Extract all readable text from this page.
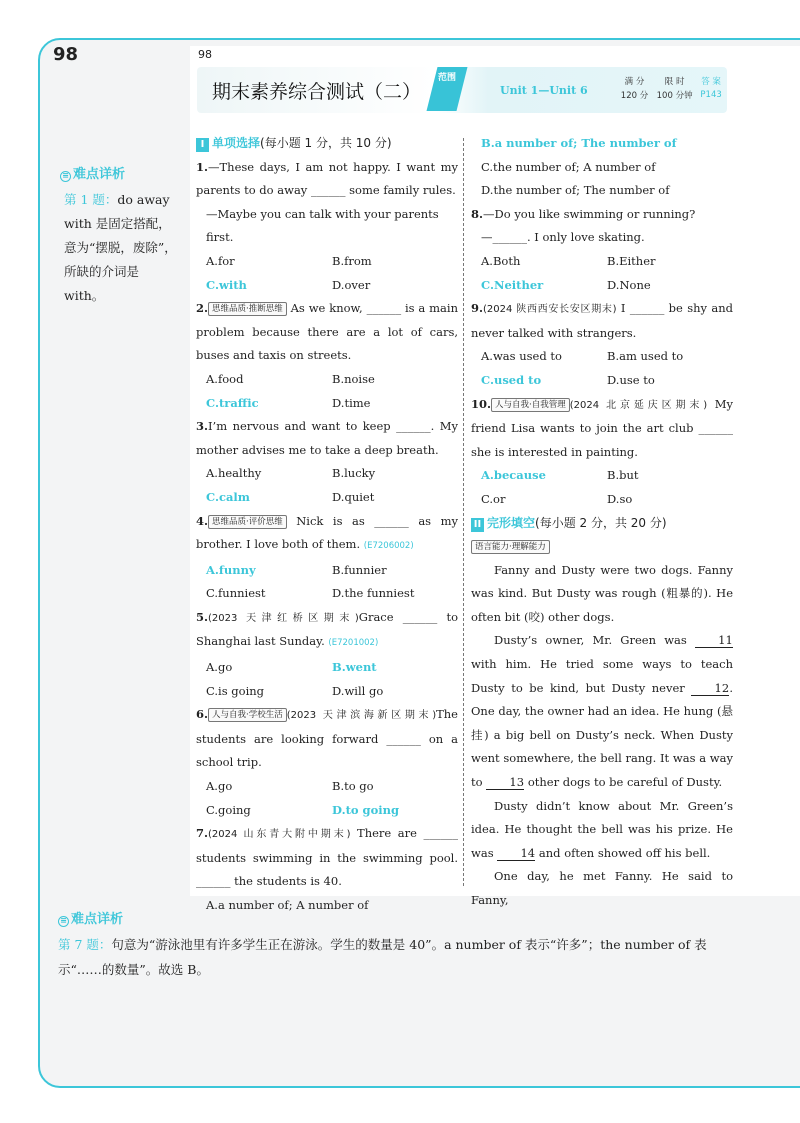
98	98
期末素养综合测试（二）
范围
Unit 1—Unit 6
满 分	限 时	答 案
120 分	100 分钟	P143
≡ 难点详析
第 1 题：do away with 是固定搭配，意为“摆脱，废除”，所缺的介词是 with。
I 单项选择(每小题 1 分，共 10 分)
1.—These days, I am not happy. I want my parents to do away ______ some family rules.
—Maybe you can talk with your parents first.
A.for	B.from
C.with	D.over
2. 思维品质·推断思维 As we know, ______ is a main problem because there are a lot of cars, buses and taxis on streets.
A.food	B.noise
C.traffic	D.time
3.I’m nervous and want to keep ______. My mother advises me to take a deep breath.
A.healthy	B.lucky
C.calm	D.quiet
4. 思维品质·评价思维 Nick is as ______ as my brother. I love both of them. (E7206002)
A.funny	B.funnier
C.funniest	D.the funniest
5.(2023 天津红桥区期末)Grace ______ to Shanghai last Sunday. (E7201002)
A.go	B.went
C.is going	D.will go
6. 人与自我·学校生活 (2023 天津滨海新区期末)The students are looking forward ______ on a school trip.
A.go	B.to go
C.going	D.to going
7.(2024 山东青大附中期末) There are ______ students swimming in the swimming pool. ______ the students is 40.
A.a number of; A number of
B.a number of; The number of
C.the number of; A number of
D.the number of; The number of
8.—Do you like swimming or running?
—______. I only love skating.
A.Both	B.Either
C.Neither	D.None
9.(2024 陕西西安长安区期末) I ______ be shy and never talked with strangers.
A.was used to	B.am used to
C.used to	D.use to
10. 人与自我·自我管理 (2024 北京延庆区期末) My friend Lisa wants to join the art club ______ she is interested in painting.
A.because	B.but
C.or	D.so
II 完形填空(每小题 2 分，共 20 分)
语言能力·理解能力
Fanny and Dusty were two dogs. Fanny was kind. But Dusty was rough (粗暴的). He often bit (咬) other dogs.
Dusty’s owner, Mr. Green was 11 with him. He tried some ways to teach Dusty to be kind, but Dusty never 12. One day, the owner had an idea. He hung (悬挂) a big bell on Dusty’s neck. When Dusty went somewhere, the bell rang. It was a way to 13 other dogs to be careful of Dusty.
Dusty didn’t know about Mr. Green’s idea. He thought the bell was his prize. He was 14 and often showed off his bell.
One day, he met Fanny. He said to Fanny,
≡ 难点详析
第 7 题：句意为“游泳池里有许多学生正在游泳。学生的数量是 40”。a number of 表示“许多”；the number of 表示“……的数量”。故选 B。
